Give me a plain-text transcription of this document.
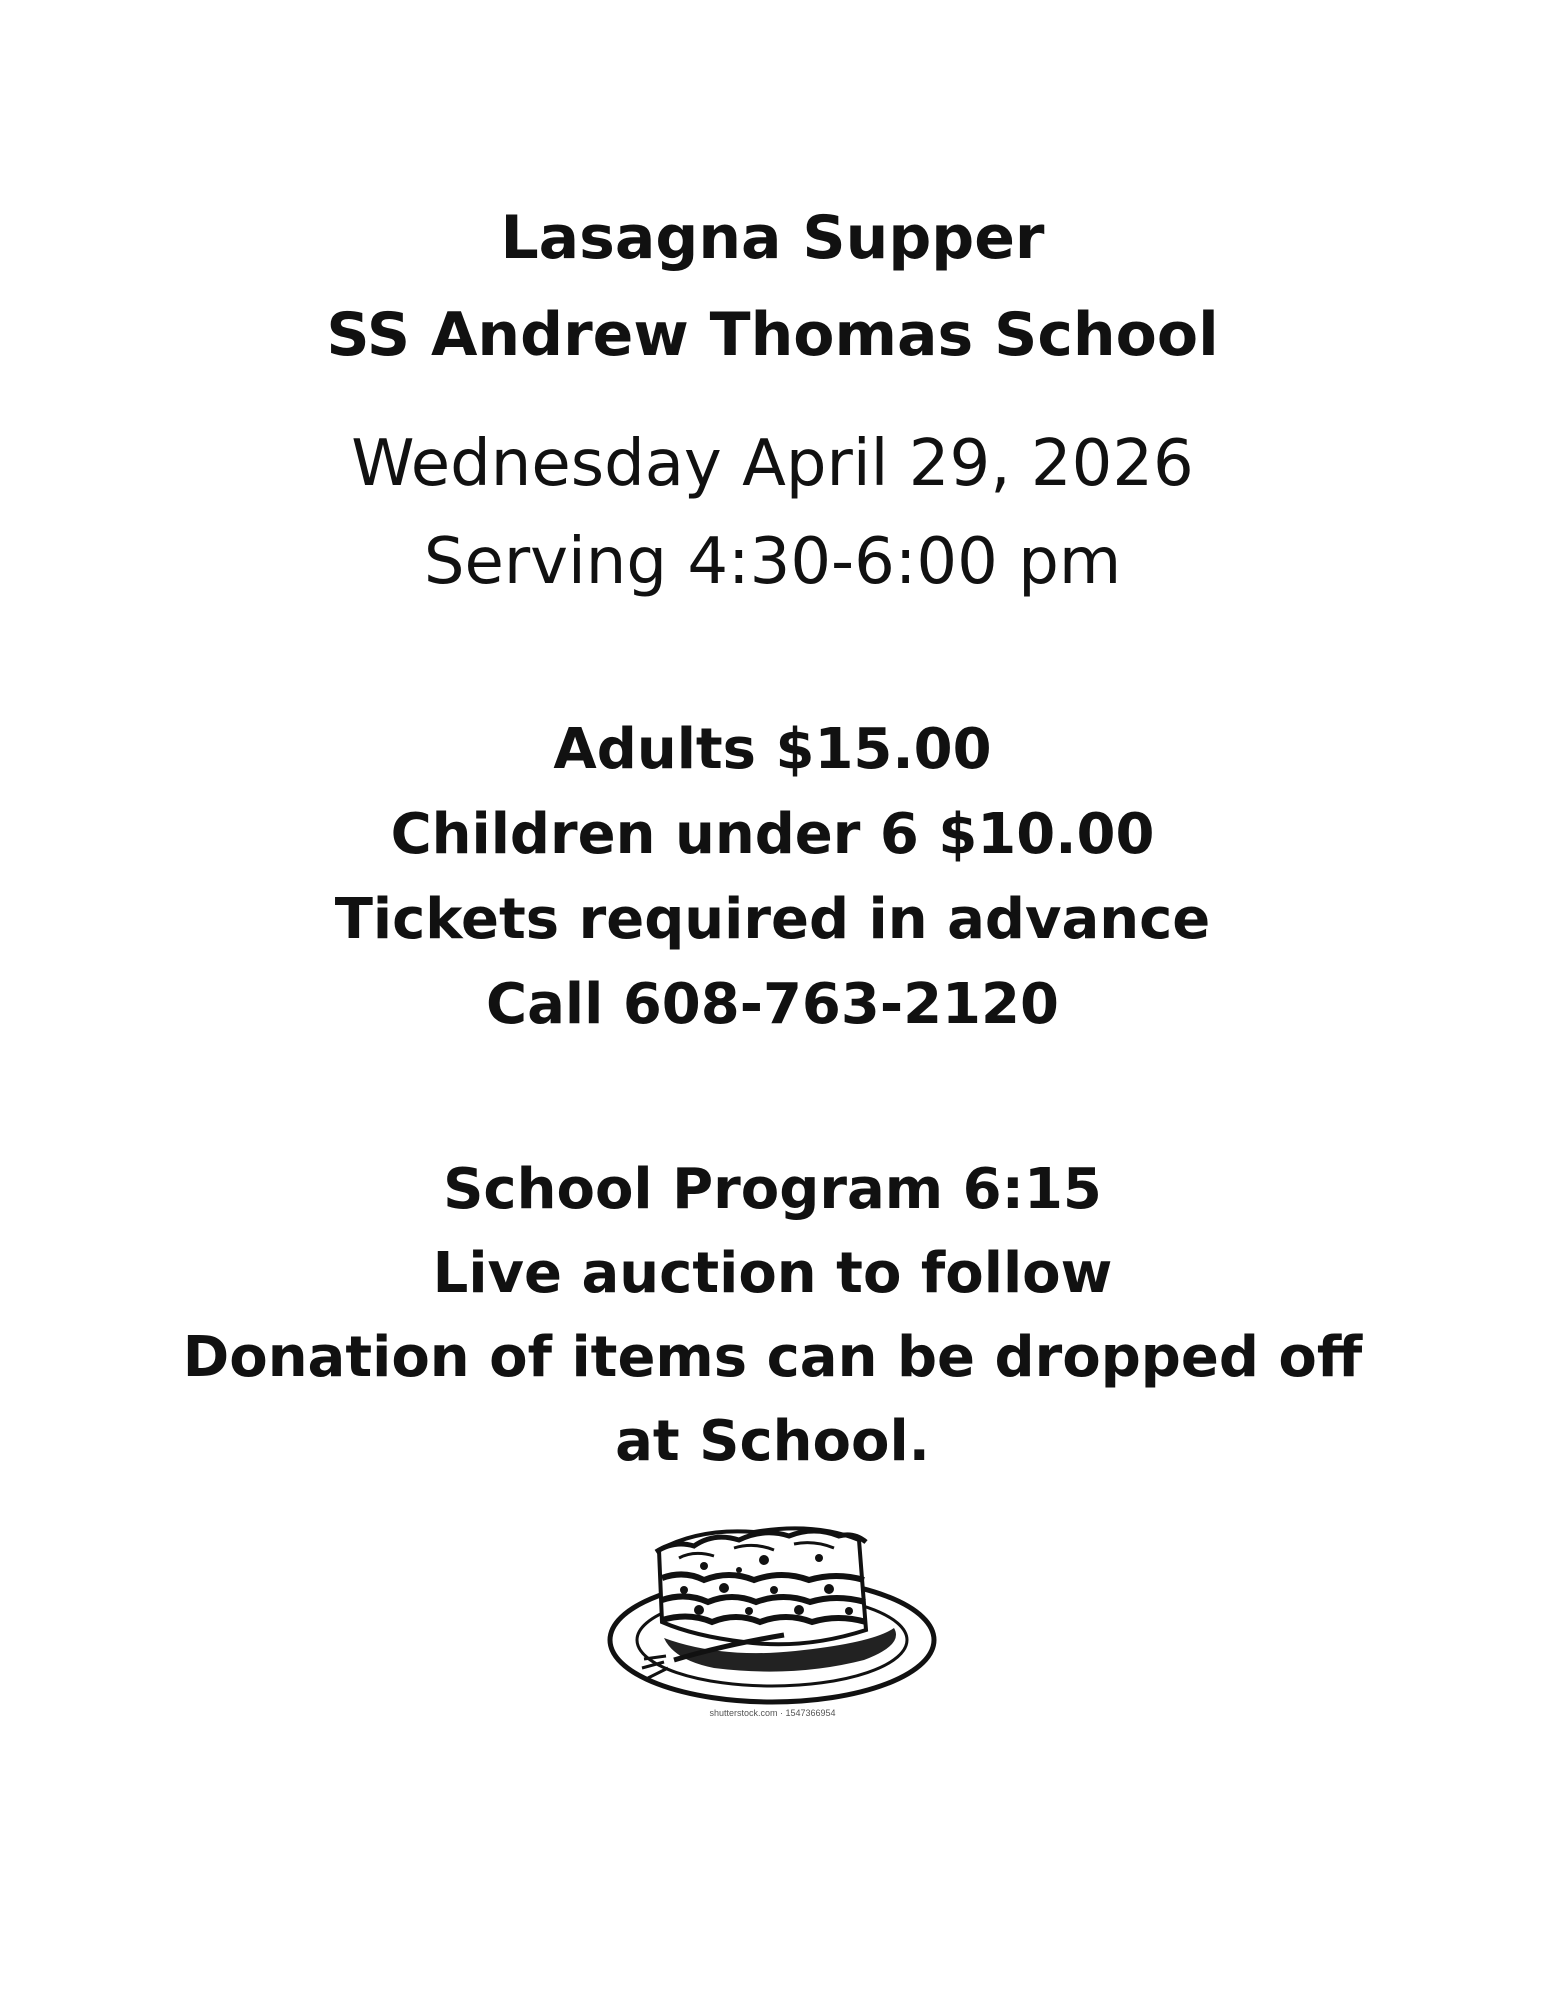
Lasagna Supper
SS Andrew Thomas School
Wednesday April 29, 2026
Serving 4:30-6:00 pm
Adults $15.00
Children under 6 $10.00
Tickets required in advance
Call 608-763-2120
School Program 6:15
Live auction to follow
Donation of items can be dropped off
at School.
shutterstock.com · 1547366954
